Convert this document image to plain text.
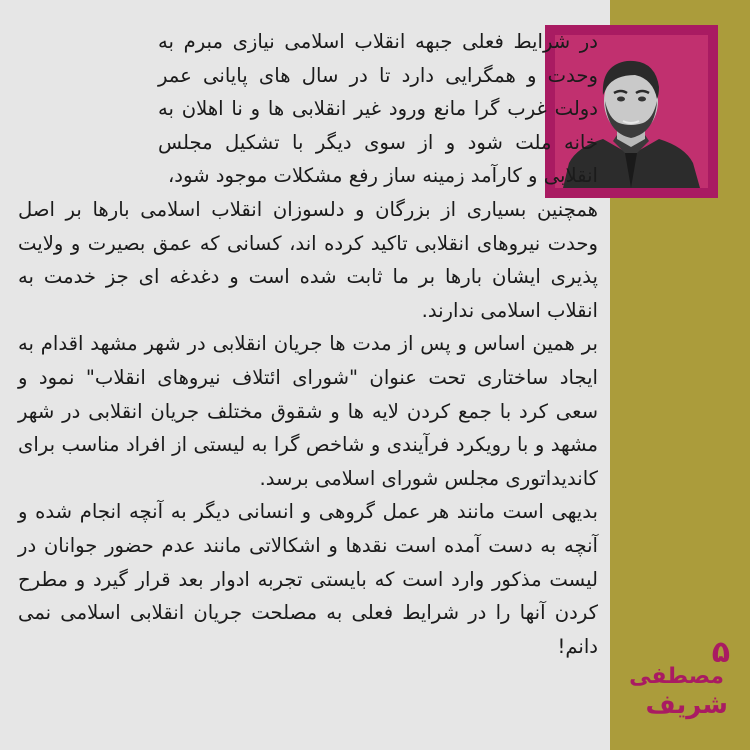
در شرایط فعلی جبهه انقلاب اسلامی نیازی مبرم به وحدت و همگرایی دارد تا در سال های پایانی عمر دولت غرب گرا مانع ورود غیر انقلابی ها و نا اهلان به خانه ملت شود و از سوی دیگر با تشکیل مجلس انقلابی و کارآمد زمینه ساز رفع مشکلات موجود شود،

همچنین بسیاری از بزرگان و دلسوزان انقلاب اسلامی بارها بر اصل وحدت نیروهای انقلابی تاکید کرده اند، کسانی که عمق بصیرت و ولایت پذیری ایشان بارها بر ما ثابت شده است و دغدغه ای جز خدمت به انقلاب اسلامی ندارند.

بر همین اساس و پس از مدت ها جریان انقلابی در شهر مشهد اقدام به ایجاد ساختاری تحت عنوان "شورای ائتلاف نیروهای انقلاب" نمود و سعی کرد با جمع کردن لایه ها و شقوق مختلف جریان انقلابی در شهر مشهد و با رویکرد فرآیندی و شاخص گرا به لیستی از افراد مناسب برای کاندیداتوری مجلس شورای اسلامی برسد.

بدیهی است مانند هر عمل گروهی و انسانی دیگر به آنچه انجام شده و آنچه به دست آمده است نقدها و اشکالاتی مانند عدم حضور جوانان در لیست مذکور وارد است که بایستی تجربه ادوار بعد قرار گیرد و مطرح کردن آنها را در شرایط فعلی به مصلحت جریان انقلابی اسلامی نمی دانم!	۵
مصطفی
شریف
